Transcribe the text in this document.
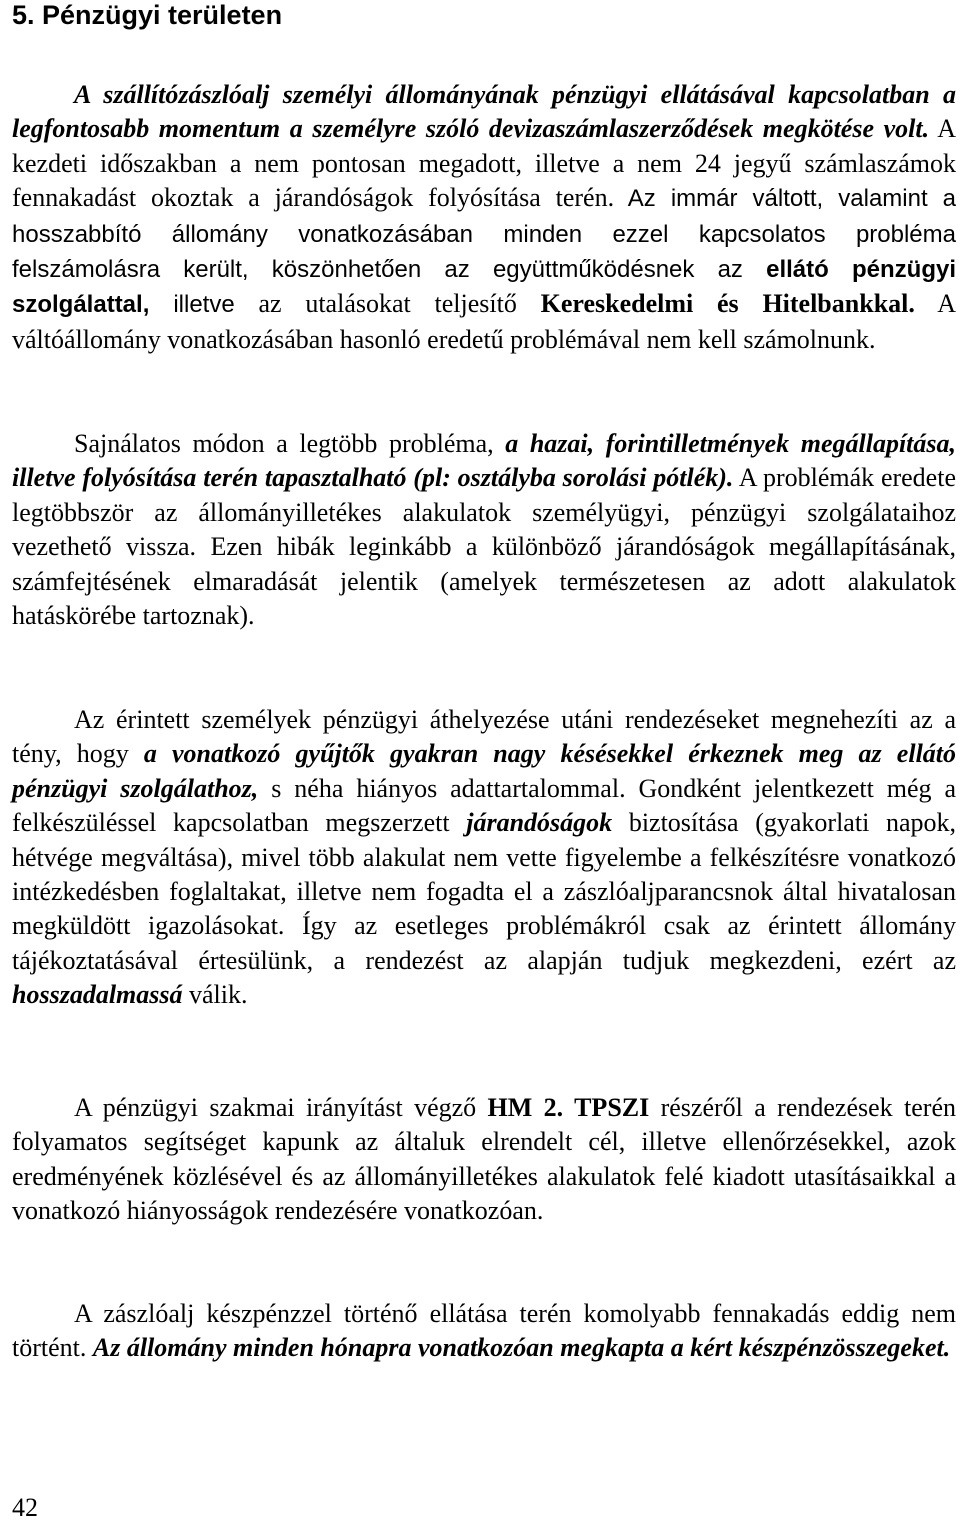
5. Pénzügyi területen

A szállítózászlóalj személyi állományának pénzügyi ellátásával kapcsolatban a legfontosabb momentum a személyre szóló devizaszámlaszerződések megkötése volt. A kezdeti időszakban a nem pontosan megadott, illetve a nem 24 jegyű számlaszámok fennakadást okoztak a járandóságok folyósítása terén. Az immár váltott, valamint a hosszabbító állomány vonatkozásában minden ezzel kapcsolatos probléma felszámolásra került, köszönhetően az együttműködésnek az ellátó pénzügyi szolgálattal, illetve az utalásokat teljesítő Kereskedelmi és Hitelbankkal. A váltóállomány vonatkozásában hasonló eredetű problémával nem kell számolnunk.

Sajnálatos módon a legtöbb probléma, a hazai, forintilletmények megállapítása, illetve folyósítása terén tapasztalható (pl: osztályba sorolási pótlék). A problémák eredete legtöbbször az állományilletékes alakulatok személyügyi, pénzügyi szolgálataihoz vezethető vissza. Ezen hibák leginkább a különböző járandóságok megállapításának, számfejtésének elmaradását jelentik (amelyek természetesen az adott alakulatok hatáskörébe tartoznak).

Az érintett személyek pénzügyi áthelyezése utáni rendezéseket megnehezíti az a tény, hogy a vonatkozó gyűjtők gyakran nagy késésekkel érkeznek meg az ellátó pénzügyi szolgálathoz, s néha hiányos adattartalommal. Gondként jelentkezett még a felkészüléssel kapcsolatban megszerzett járandóságok biztosítása (gyakorlati napok, hétvége megváltása), mivel több alakulat nem vette figyelembe a felkészítésre vonatkozó intézkedésben foglaltakat, illetve nem fogadta el a zászlóaljparancsnok által hivatalosan megküldött igazolásokat. Így az esetleges problémákról csak az érintett állomány tájékoztatásával értesülünk, a rendezést az alapján tudjuk megkezdeni, ezért az hosszadalmassá válik.

A pénzügyi szakmai irányítást végző HM 2. TPSZI részéről a rendezések terén folyamatos segítséget kapunk az általuk elrendelt cél, illetve ellenőrzésekkel, azok eredményének közlésével és az állományilletékes alakulatok felé kiadott utasításaikkal a vonatkozó hiányosságok rendezésére vonatkozóan.

A zászlóalj készpénzzel történő ellátása terén komolyabb fennakadás eddig nem történt. Az állomány minden hónapra vonatkozóan megkapta a kért készpénzösszegeket.

42
